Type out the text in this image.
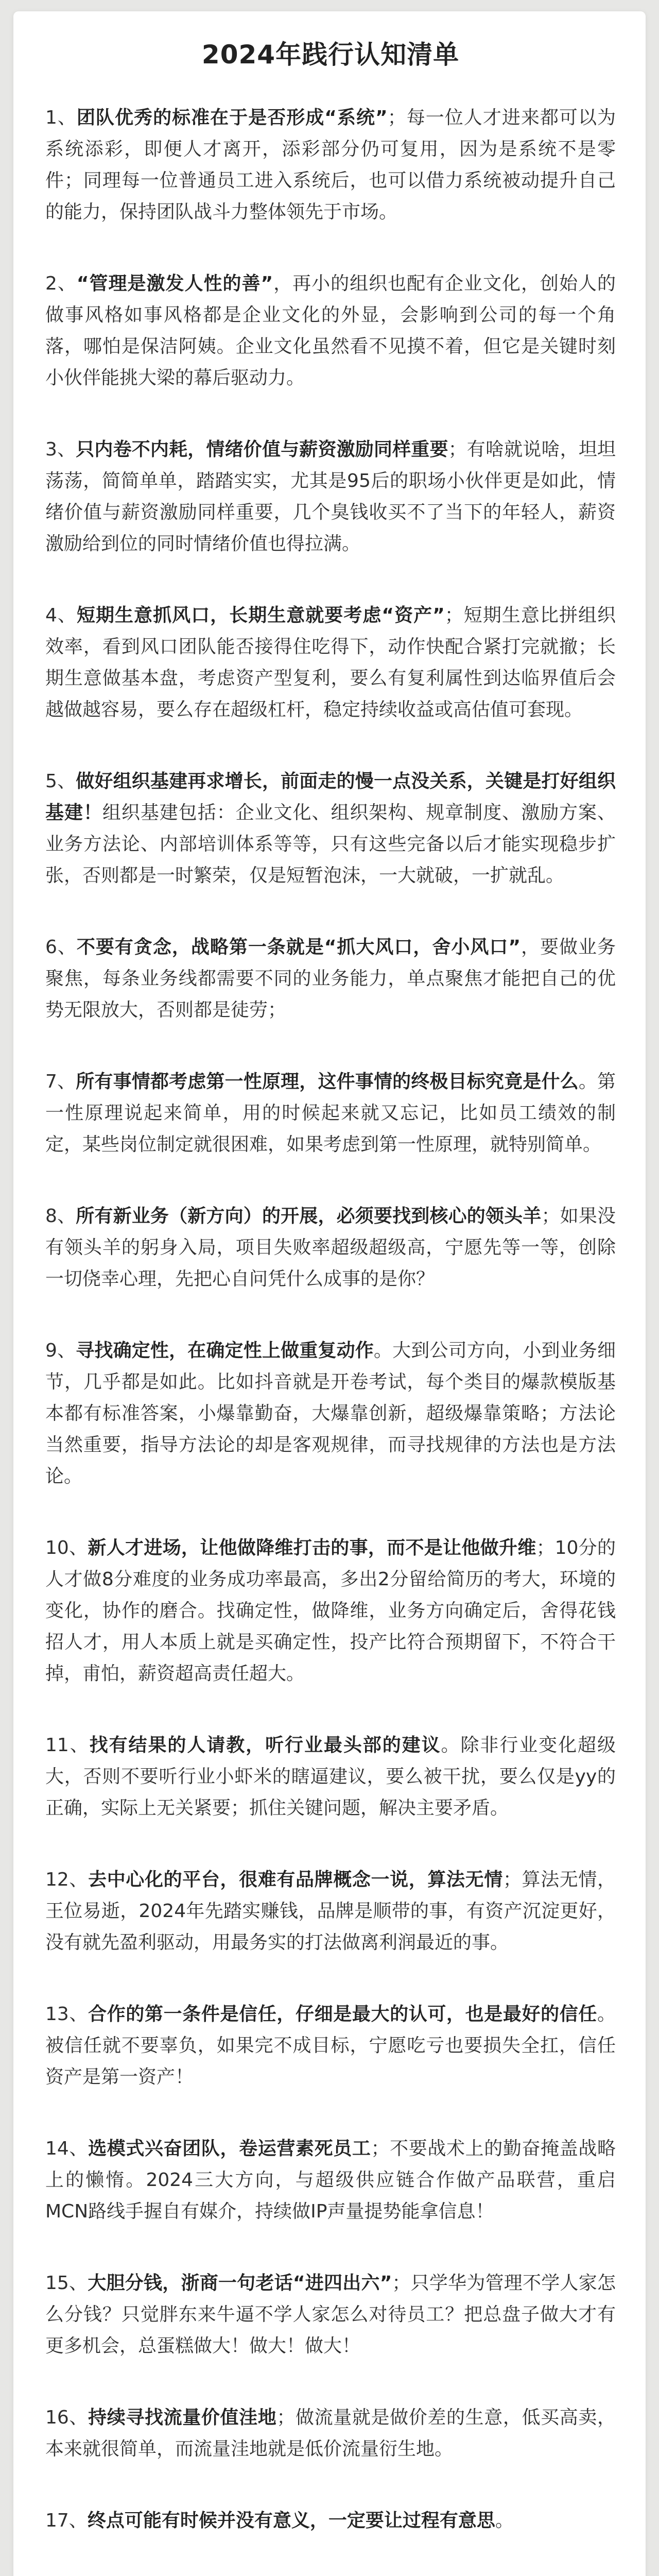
2024年践行认知清单

1、团队优秀的标准在于是否形成“系统”；每一位人才进来都可以为系统添彩，即便人才离开，添彩部分仍可复用，因为是系统不是零件；同理每一位普通员工进入系统后，也可以借力系统被动提升自己的能力，保持团队战斗力整体领先于市场。

2、“管理是激发人性的善”，再小的组织也配有企业文化，创始人的做事风格如事风格都是企业文化的外显，会影响到公司的每一个角落，哪怕是保洁阿姨。企业文化虽然看不见摸不着，但它是关键时刻小伙伴能挑大梁的幕后驱动力。

3、只内卷不内耗，情绪价值与薪资激励同样重要；有啥就说啥，坦坦荡荡，简简单单，踏踏实实，尤其是95后的职场小伙伴更是如此，情绪价值与薪资激励同样重要，几个臭钱收买不了当下的年轻人，薪资激励给到位的同时情绪价值也得拉满。

4、短期生意抓风口，长期生意就要考虑“资产”；短期生意比拼组织效率，看到风口团队能否接得住吃得下，动作快配合紧打完就撤；长期生意做基本盘，考虑资产型复利，要么有复利属性到达临界值后会越做越容易，要么存在超级杠杆，稳定持续收益或高估值可套现。

5、做好组织基建再求增长，前面走的慢一点没关系，关键是打好组织基建！组织基建包括：企业文化、组织架构、规章制度、激励方案、业务方法论、内部培训体系等等，只有这些完备以后才能实现稳步扩张，否则都是一时繁荣，仅是短暂泡沫，一大就破，一扩就乱。

6、不要有贪念，战略第一条就是“抓大风口，舍小风口”，要做业务聚焦，每条业务线都需要不同的业务能力，单点聚焦才能把自己的优势无限放大，否则都是徒劳；

7、所有事情都考虑第一性原理，这件事情的终极目标究竟是什么。第一性原理说起来简单，用的时候起来就又忘记，比如员工绩效的制定，某些岗位制定就很困难，如果考虑到第一性原理，就特别简单。

8、所有新业务（新方向）的开展，必须要找到核心的领头羊；如果没有领头羊的躬身入局，项目失败率超级超级高，宁愿先等一等，创除一切侥幸心理，先把心自问凭什么成事的是你？

9、寻找确定性，在确定性上做重复动作。大到公司方向，小到业务细节，几乎都是如此。比如抖音就是开卷考试，每个类目的爆款模版基本都有标准答案，小爆靠勤奋，大爆靠创新，超级爆靠策略；方法论当然重要，指导方法论的却是客观规律，而寻找规律的方法也是方法论。

10、新人才进场，让他做降维打击的事，而不是让他做升维；10分的人才做8分难度的业务成功率最高，多出2分留给简历的考大，环境的变化，协作的磨合。找确定性，做降维，业务方向确定后，舍得花钱招人才，用人本质上就是买确定性，投产比符合预期留下，不符合干掉，甫怕，薪资超高责任超大。

11、找有结果的人请教，听行业最头部的建议。除非行业变化超级大，否则不要听行业小虾米的瞎逼建议，要么被干扰，要么仅是yy的正确，实际上无关紧要；抓住关键问题，解决主要矛盾。

12、去中心化的平台，很难有品牌概念一说，算法无情；算法无情，王位易逝，2024年先踏实赚钱，品牌是顺带的事，有资产沉淀更好，没有就先盈利驱动，用最务实的打法做离利润最近的事。

13、合作的第一条件是信任，仔细是最大的认可，也是最好的信任。被信任就不要辜负，如果完不成目标，宁愿吃亏也要损失全扛，信任资产是第一资产！

14、选模式兴奋团队，卷运营素死员工；不要战术上的勤奋掩盖战略上的懒惰。2024三大方向，与超级供应链合作做产品联营，重启MCN路线手握自有媒介，持续做IP声量提势能拿信息！

15、大胆分钱，浙商一句老话“进四出六”；只学华为管理不学人家怎么分钱？只觉胖东来牛逼不学人家怎么对待员工？把总盘子做大才有更多机会，总蛋糕做大！做大！做大！

16、持续寻找流量价值洼地；做流量就是做价差的生意，低买高卖，本来就很简单，而流量洼地就是低价流量衍生地。

17、终点可能有时候并没有意义，一定要让过程有意思。
